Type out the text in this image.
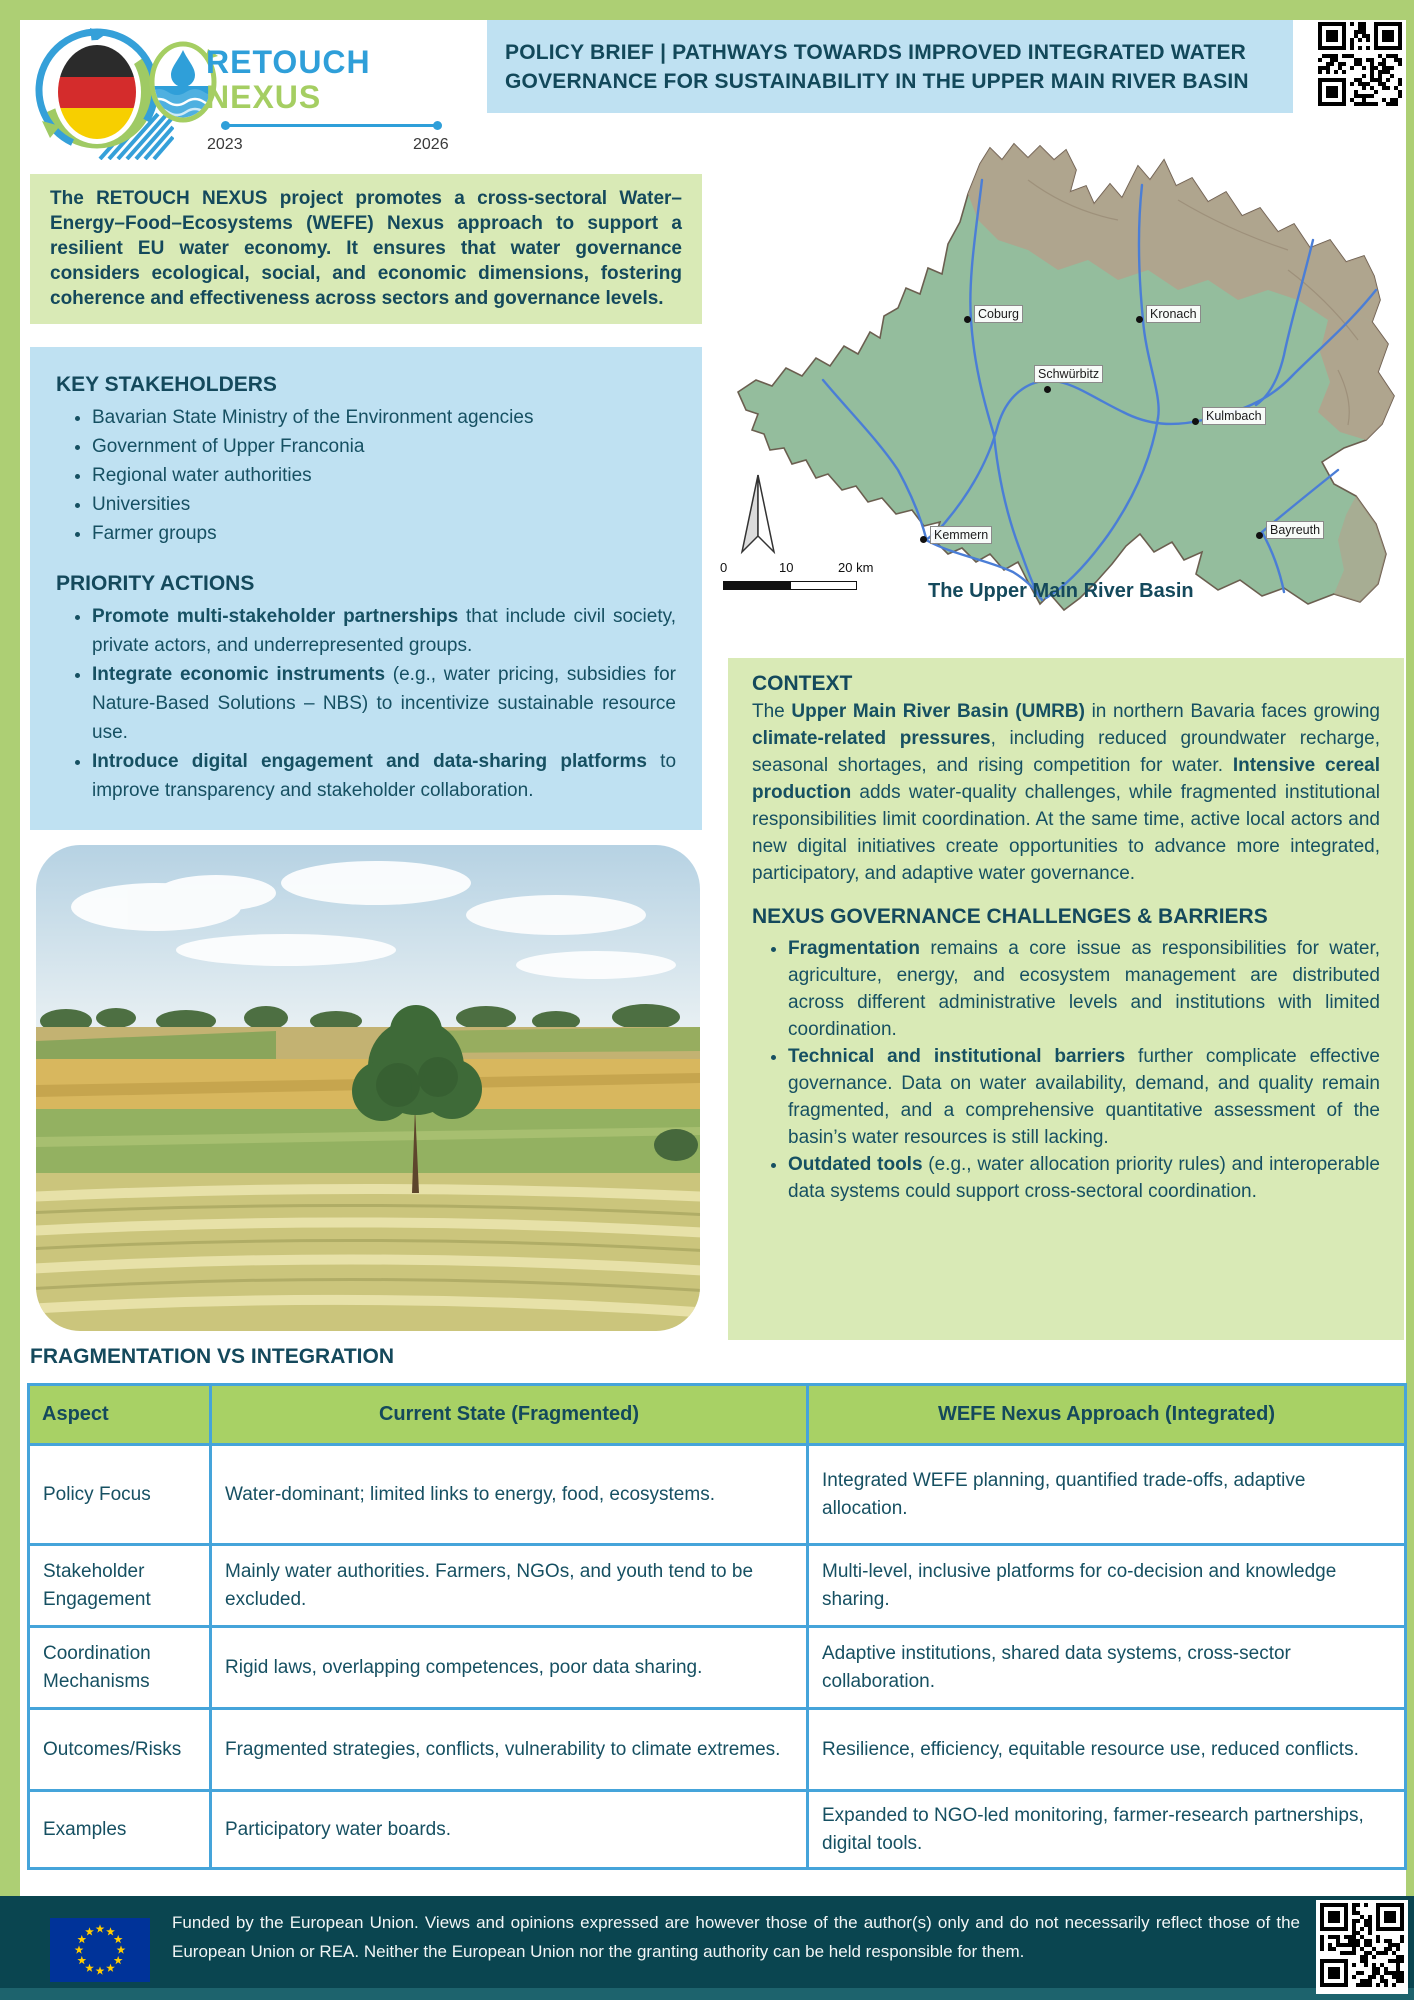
RETOUCH
NEXUS
2023	2026
POLICY BRIEF | PATHWAYS TOWARDS IMPROVED INTEGRATED WATER GOVERNANCE FOR SUSTAINABILITY IN THE UPPER MAIN RIVER BASIN
The RETOUCH NEXUS project promotes a cross-sectoral Water–Energy–Food–Ecosystems (WEFE) Nexus approach to support a resilient EU water economy. It ensures that water governance considers ecological, social, and economic dimensions, fostering coherence and effectiveness across sectors and governance levels.
KEY STAKEHOLDERS
• Bavarian State Ministry of the Environment agencies
• Government of Upper Franconia
• Regional water authorities
• Universities
• Farmer groups
PRIORITY ACTIONS
• Promote multi-stakeholder partnerships that include civil society, private actors, and underrepresented groups.
• Integrate economic instruments (e.g., water pricing, subsidies for Nature-Based Solutions – NBS) to incentivize sustainable resource use.
• Introduce digital engagement and data-sharing platforms to improve transparency and stakeholder collaboration.
Coburg	Kronach
Schwürbitz
Kulmbach
Kemmern	Bayreuth
0	10	20 km
The Upper Main River Basin
CONTEXT

The Upper Main River Basin (UMRB) in northern Bavaria faces growing climate-related pressures, including reduced groundwater recharge, seasonal shortages, and rising competition for water. Intensive cereal production adds water-quality challenges, while fragmented institutional responsibilities limit coordination. At the same time, active local actors and new digital initiatives create opportunities to advance more integrated, participatory, and adaptive water governance.

NEXUS GOVERNANCE CHALLENGES & BARRIERS
• Fragmentation remains a core issue as responsibilities for water, agriculture, energy, and ecosystem management are distributed across different administrative levels and institutions with limited coordination.
• Technical and institutional barriers further complicate effective governance. Data on water availability, demand, and quality remain fragmented, and a comprehensive quantitative assessment of the basin’s water resources is still lacking.
• Outdated tools (e.g., water allocation priority rules) and interoperable data systems could support cross-sectoral coordination.
FRAGMENTATION VS INTEGRATION
Aspect	Current State (Fragmented)	WEFE Nexus Approach (Integrated)
Policy Focus	Water-dominant; limited links to energy, food, ecosystems.	Integrated WEFE planning, quantified trade-offs, adaptive allocation.
Stakeholder Engagement	Mainly water authorities. Farmers, NGOs, and youth tend to be excluded.	Multi-level, inclusive platforms for co-decision and knowledge sharing.
Coordination Mechanisms	Rigid laws, overlapping competences, poor data sharing.	Adaptive institutions, shared data systems, cross-sector collaboration.
Outcomes/Risks	Fragmented strategies, conflicts, vulnerability to climate extremes.	Resilience, efficiency, equitable resource use, reduced conflicts.
Examples	Participatory water boards.	Expanded to NGO-led monitoring, farmer-research partnerships, digital tools.
Funded by the European Union. Views and opinions expressed are however those of the author(s) only and do not necessarily reflect those of the European Union or REA. Neither the European Union nor the granting authority can be held responsible for them.
